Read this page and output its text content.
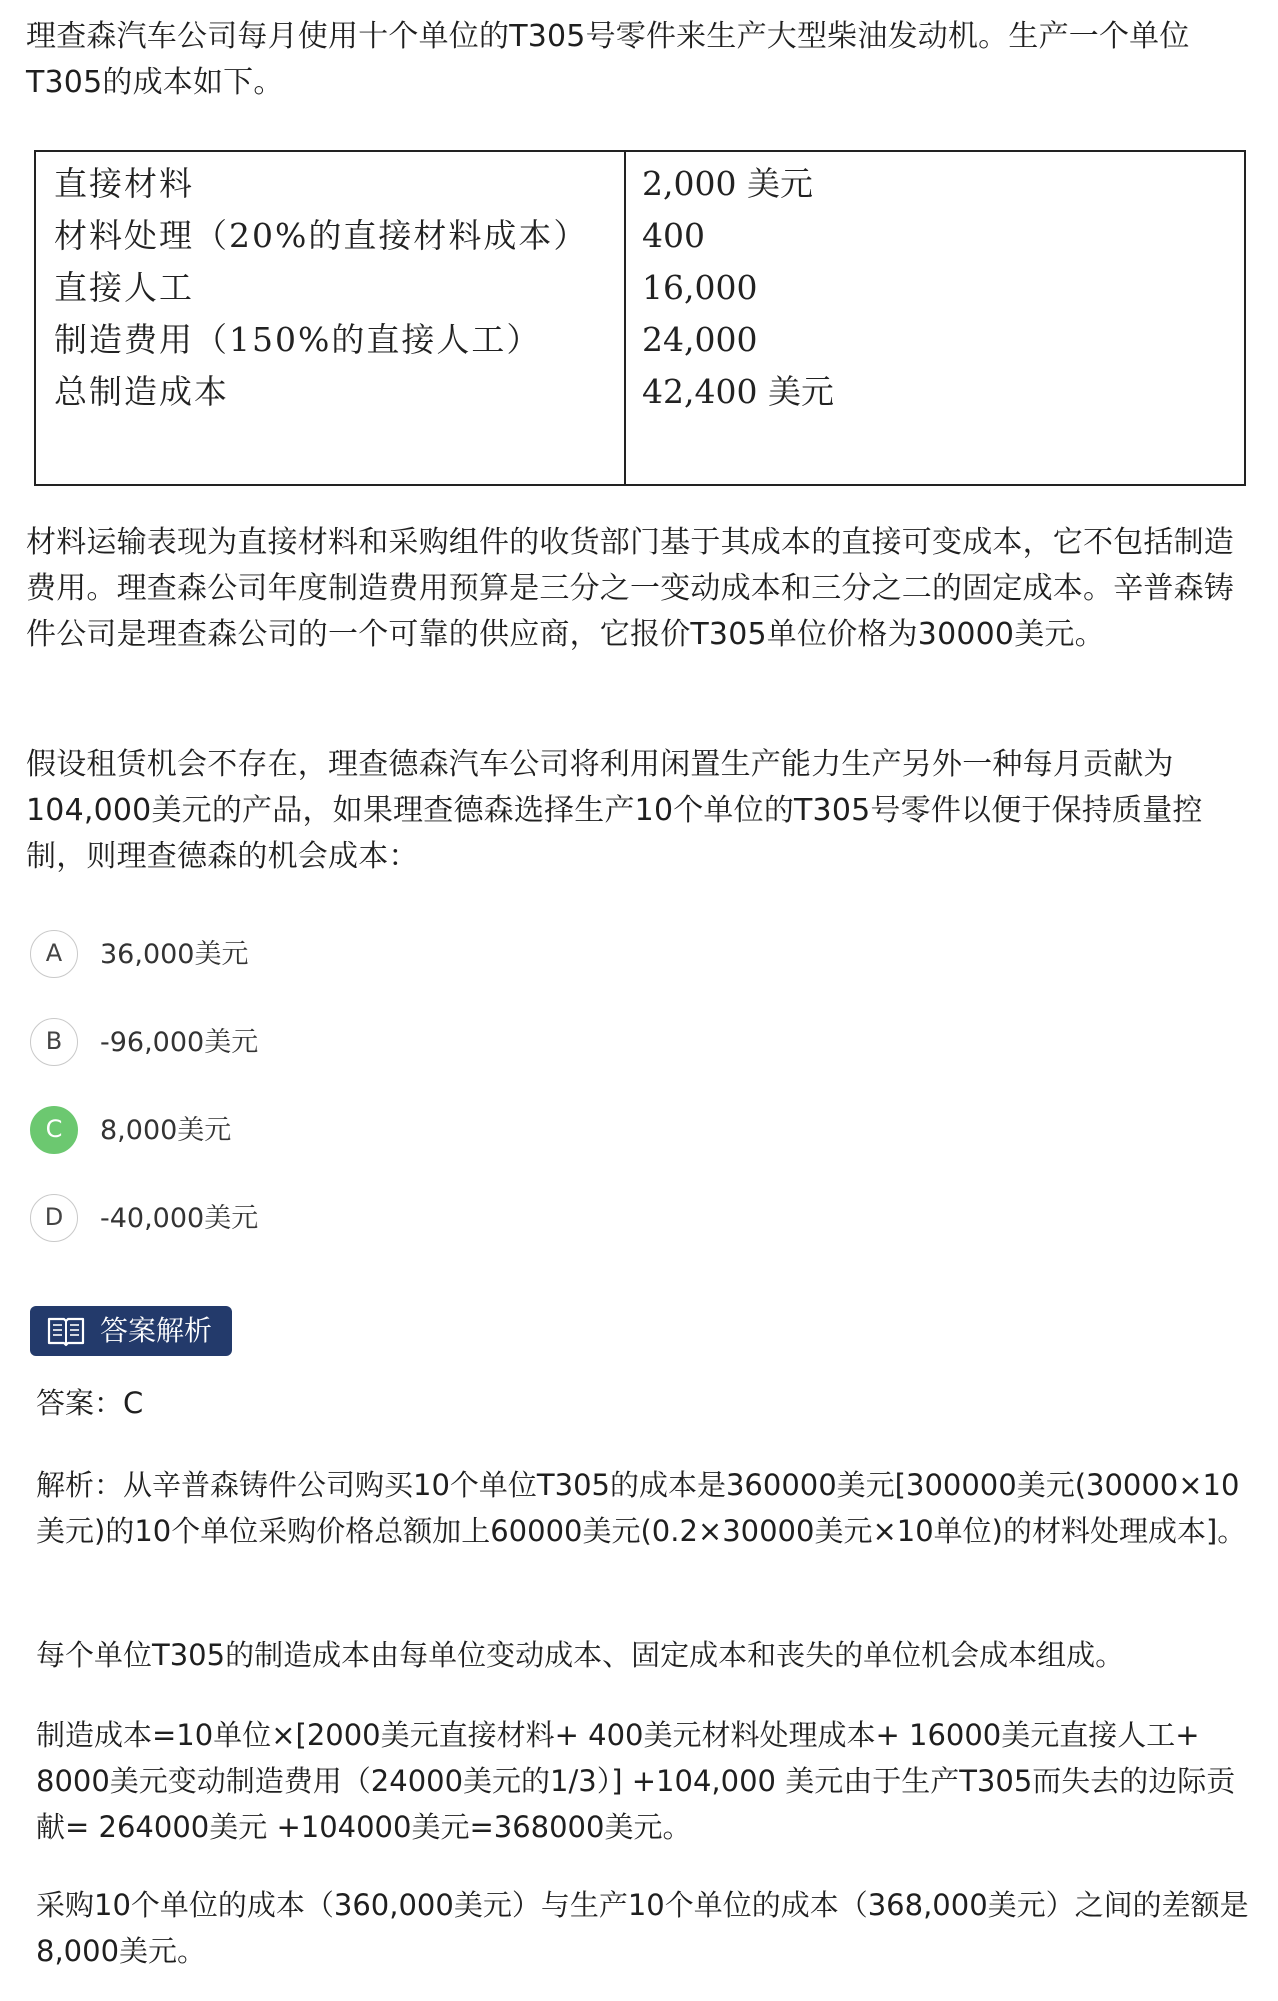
理查森汽车公司每月使用十个单位的T305号零件来生产大型柴油发动机。生产一个单位T305的成本如下。

直接材料	2,000 美元
材料处理（20%的直接材料成本） 400
直接人工	16,000
制造费用（150%的直接人工）	24,000
总制造成本	42,400 美元

材料运输表现为直接材料和采购组件的收货部门基于其成本的直接可变成本，它不包括制造费用。理查森公司年度制造费用预算是三分之一变动成本和三分之二的固定成本。辛普森铸件公司是理查森公司的一个可靠的供应商，它报价T305单位价格为30000美元。

假设租赁机会不存在，理查德森汽车公司将利用闲置生产能力生产另外一种每月贡献为104,000美元的产品，如果理查德森选择生产10个单位的T305号零件以便于保持质量控制，则理查德森的机会成本：

A	36,000美元
B	-96,000美元
C	8,000美元
D	-40,000美元
答案解析

答案：C

解析：从辛普森铸件公司购买10个单位T305的成本是360000美元[300000美元(30000×10美元)的10个单位采购价格总额加上60000美元(0.2×30000美元×10单位)的材料处理成本]。

每个单位T305的制造成本由每单位变动成本、固定成本和丧失的单位机会成本组成。

制造成本=10单位×[2000美元直接材料+ 400美元材料处理成本+ 16000美元直接人工+ 8000美元变动制造费用（24000美元的1/3）] +104,000 美元由于生产T305而失去的边际贡献= 264000美元 +104000美元=368000美元。

采购10个单位的成本（360,000美元）与生产10个单位的成本（368,000美元）之间的差额是8,000美元。
